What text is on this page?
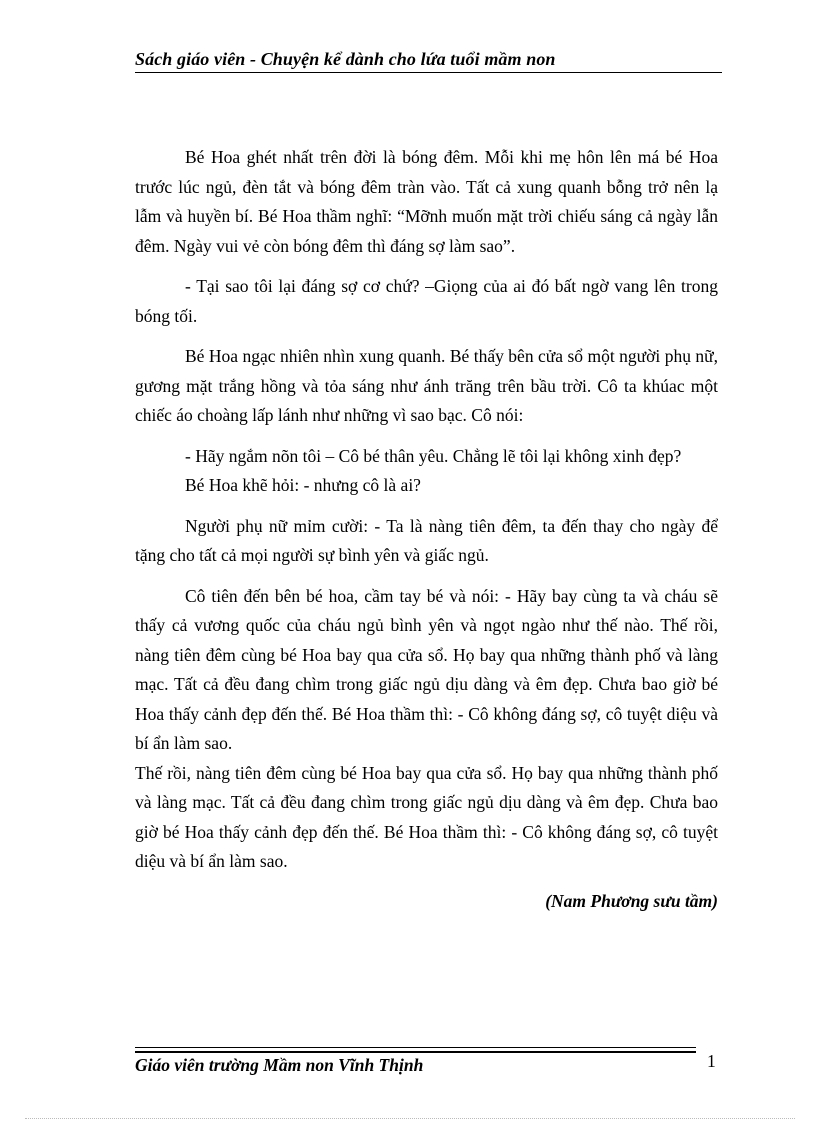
Sách giáo viên - Chuyện kể dành cho lứa tuổi mầm non

Bé Hoa ghét nhất trên đời là bóng đêm. Mỗi khi mẹ hôn lên má bé Hoa trước lúc ngủ, đèn tắt và bóng đêm tràn vào. Tất cả xung quanh bỗng trở nên lạ lẫm và huyền bí. Bé Hoa thầm nghĩ: “Mỡnh muốn mặt trời chiếu sáng cả ngày lẫn đêm. Ngày vui vẻ còn bóng đêm thì đáng sợ làm sao”.

- Tại sao tôi lại đáng sợ cơ chứ? –Giọng của ai đó bất ngờ vang lên trong bóng tối.

Bé Hoa ngạc nhiên nhìn xung quanh. Bé thấy bên cửa sổ một người phụ nữ, gương mặt trắng hồng và tỏa sáng như ánh trăng trên bầu trời. Cô ta khúac một chiếc áo choàng lấp lánh như những vì sao bạc. Cô nói:

- Hãy ngắm nõn tôi – Cô bé thân yêu. Chẳng lẽ tôi lại không xinh đẹp?

Bé Hoa khẽ hỏi: - nhưng cô là ai?

Người phụ nữ mỉm cười: - Ta là nàng tiên đêm, ta đến thay cho ngày để tặng cho tất cả mọi người sự bình yên và giấc ngủ.

Cô tiên đến bên bé hoa, cầm tay bé và nói: - Hãy bay cùng ta và cháu sẽ thấy cả vương quốc của cháu ngủ bình yên và ngọt ngào như thế nào. Thế rồi, nàng tiên đêm cùng bé Hoa bay qua cửa sổ. Họ bay qua những thành phố và làng mạc. Tất cả đều đang chìm trong giấc ngủ dịu dàng và êm đẹp. Chưa bao giờ bé Hoa thấy cảnh đẹp đến thế. Bé Hoa thầm thì: - Cô không đáng sợ, cô tuyệt diệu và bí ẩn làm sao.

Thế rồi, nàng tiên đêm cùng bé Hoa bay qua cửa sổ. Họ bay qua những thành phố và làng mạc. Tất cả đều đang chìm trong giấc ngủ dịu dàng và êm đẹp. Chưa bao giờ bé Hoa thấy cảnh đẹp đến thế. Bé Hoa thầm thì: - Cô không đáng sợ, cô tuyệt diệu và bí ẩn làm sao.

(Nam Phương sưu tầm)

Giáo viên trường Mầm non Vĩnh Thịnh	1
